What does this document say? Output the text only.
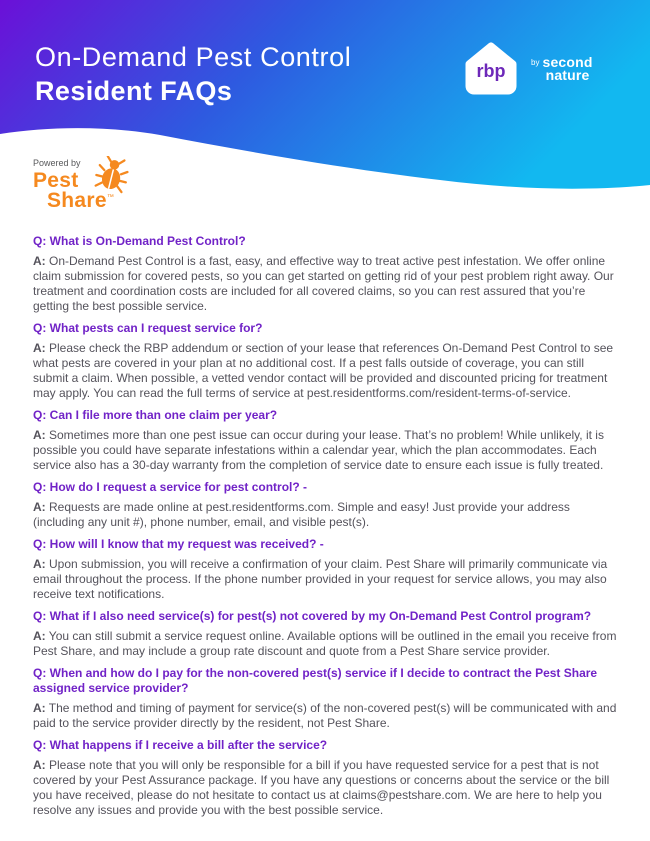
On-Demand Pest Control
Resident FAQs
rbp	by second
nature
Powered by
Pest
Share™
Q: What is On-Demand Pest Control?
A: On-Demand Pest Control is a fast, easy, and effective way to treat active pest infestation. We offer online claim submission for covered pests, so you can get started on getting rid of your pest problem right away. Our treatment and coordination costs are included for all covered claims, so you can rest assured that you’re getting the best possible service.
Q: What pests can I request service for?
A: Please check the RBP addendum or section of your lease that references On-Demand Pest Control to see what pests are covered in your plan at no additional cost. If a pest falls outside of coverage, you can still submit a claim. When possible, a vetted vendor contact will be provided and discounted pricing for treatment may apply. You can read the full terms of service at pest.residentforms.com/resident-terms-of-service.
Q: Can I file more than one claim per year?
A: Sometimes more than one pest issue can occur during your lease. That’s no problem! While unlikely, it is possible you could have separate infestations within a calendar year, which the plan accommodates. Each service also has a 30-day warranty from the completion of service date to ensure each issue is fully treated.
Q: How do I request a service for pest control? -
A: Requests are made online at pest.residentforms.com. Simple and easy! Just provide your address (including any unit #), phone number, email, and visible pest(s).
Q: How will I know that my request was received? -
A: Upon submission, you will receive a confirmation of your claim. Pest Share will primarily communicate via email throughout the process. If the phone number provided in your request for service allows, you may also receive text notifications.
Q: What if I also need service(s) for pest(s) not covered by my On-Demand Pest Control program?
A: You can still submit a service request online. Available options will be outlined in the email you receive from Pest Share, and may include a group rate discount and quote from a Pest Share service provider.
Q: When and how do I pay for the non-covered pest(s) service if I decide to contract the Pest Share assigned service provider?
A: The method and timing of payment for service(s) of the non-covered pest(s) will be communicated with and paid to the service provider directly by the resident, not Pest Share.
Q: What happens if I receive a bill after the service?
A: Please note that you will only be responsible for a bill if you have requested service for a pest that is not covered by your Pest Assurance package. If you have any questions or concerns about the service or the bill you have received, please do not hesitate to contact us at claims@pestshare.com. We are here to help you resolve any issues and provide you with the best possible service.
